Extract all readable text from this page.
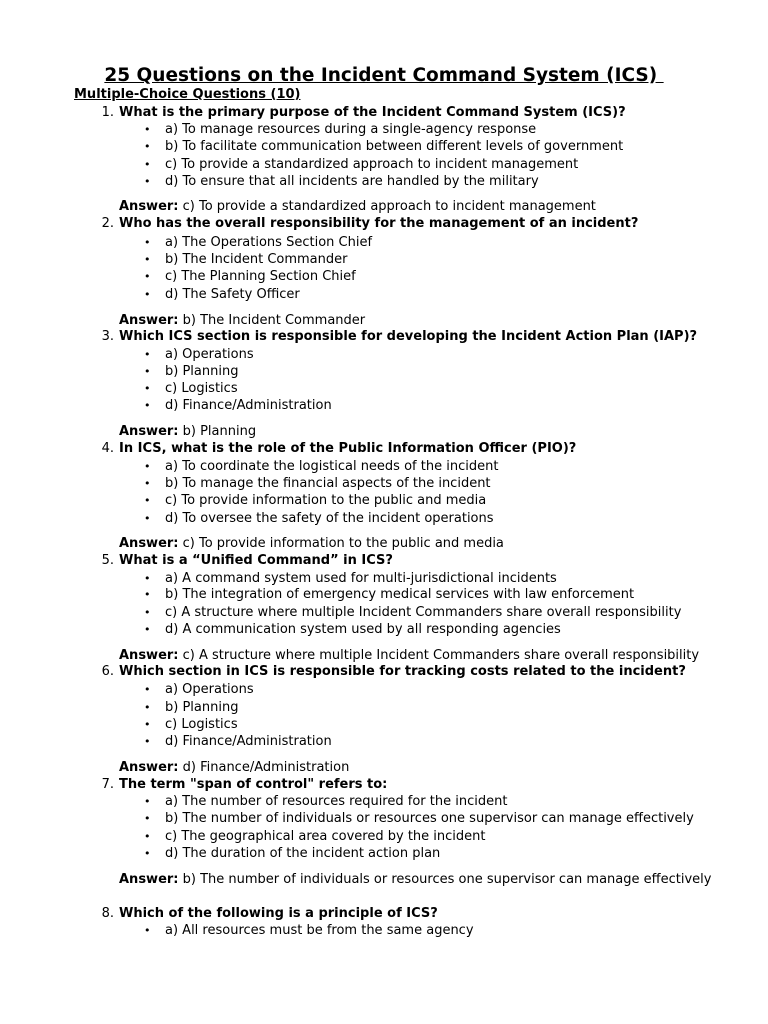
25 Questions on the Incident Command System (ICS)
Multiple-Choice Questions (10)
1. What is the primary purpose of the Incident Command System (ICS)?
• a) To manage resources during a single-agency response
• b) To facilitate communication between different levels of government
• c) To provide a standardized approach to incident management
• d) To ensure that all incidents are handled by the military
Answer: c) To provide a standardized approach to incident management
2. Who has the overall responsibility for the management of an incident?
• a) The Operations Section Chief
• b) The Incident Commander
• c) The Planning Section Chief
• d) The Safety Officer
Answer: b) The Incident Commander
3. Which ICS section is responsible for developing the Incident Action Plan (IAP)?
• a) Operations
• b) Planning
• c) Logistics
• d) Finance/Administration
Answer: b) Planning
4. In ICS, what is the role of the Public Information Officer (PIO)?
• a) To coordinate the logistical needs of the incident
• b) To manage the financial aspects of the incident
• c) To provide information to the public and media
• d) To oversee the safety of the incident operations
Answer: c) To provide information to the public and media
5. What is a “Unified Command” in ICS?
• a) A command system used for multi-jurisdictional incidents
• b) The integration of emergency medical services with law enforcement
• c) A structure where multiple Incident Commanders share overall responsibility
• d) A communication system used by all responding agencies
Answer: c) A structure where multiple Incident Commanders share overall responsibility
6. Which section in ICS is responsible for tracking costs related to the incident?
• a) Operations
• b) Planning
• c) Logistics
• d) Finance/Administration
Answer: d) Finance/Administration
7. The term "span of control" refers to:
• a) The number of resources required for the incident
• b) The number of individuals or resources one supervisor can manage effectively
• c) The geographical area covered by the incident
• d) The duration of the incident action plan
Answer: b) The number of individuals or resources one supervisor can manage effectively
8. Which of the following is a principle of ICS?
• a) All resources must be from the same agency
